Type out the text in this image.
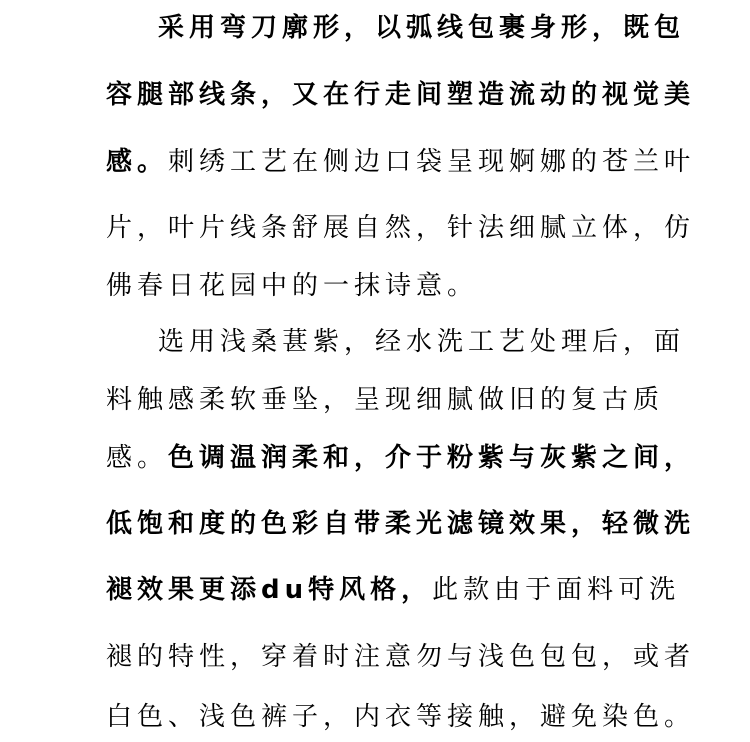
采用弯刀廓形，以弧线包裹身形，既包
容腿部线条，又在行走间塑造流动的视觉美
感。刺绣工艺在侧边口袋呈现婀娜的苍兰叶
片，叶片线条舒展自然，针法细腻立体，仿
佛春日花园中的一抹诗意。
选用浅桑葚紫，经水洗工艺处理后，面
料触感柔软垂坠，呈现细腻做旧的复古质
感。色调温润柔和，介于粉紫与灰紫之间，
低饱和度的色彩自带柔光滤镜效果，轻微洗
褪效果更添du特风格，此款由于面料可洗
褪的特性，穿着时注意勿与浅色包包，或者
白色、浅色裤子，内衣等接触，避免染色。
